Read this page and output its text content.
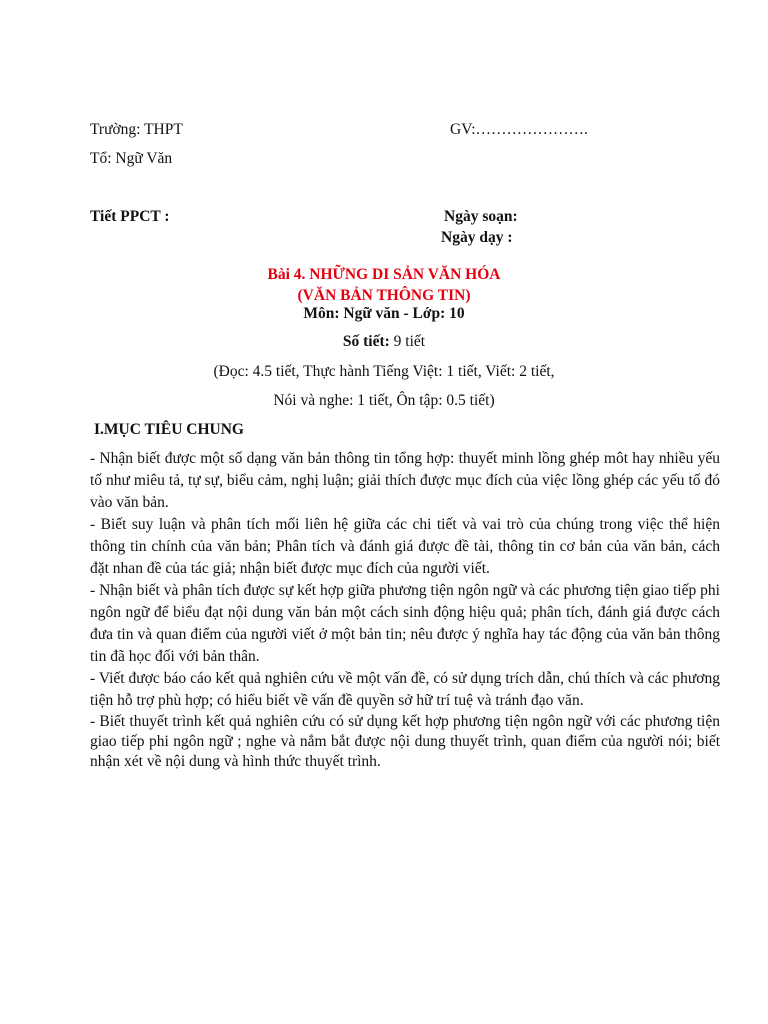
Trường: THPT	GV:………………….
Tổ: Ngữ Văn
Tiết PPCT :	Ngày soạn:
Ngày dạy :
Bài 4. NHỮNG DI SẢN VĂN HÓA
(VĂN BẢN THÔNG TIN)
Môn: Ngữ văn - Lớp: 10
Số tiết: 9 tiết
(Đọc: 4.5 tiết, Thực hành Tiếng Việt: 1 tiết, Viết: 2 tiết,
Nói và nghe: 1 tiết, Ôn tập: 0.5 tiết)
I.MỤC TIÊU CHUNG

- Nhận biết được một số dạng văn bản thông tin tổng hợp: thuyết minh lồng ghép môt hay nhiều yếu tố như miêu tả, tự sự, biểu cảm, nghị luận; giải thích được mục đích của việc lồng ghép các yếu tố đó vào văn bản.

- Biết suy luận và phân tích mối liên hệ giữa các chi tiết và vai trò của chúng trong việc thể hiện thông tin chính của văn bản; Phân tích và đánh giá được đề tài, thông tin cơ bản của văn bản, cách đặt nhan đề của tác giả; nhận biết được mục đích của người viết.

- Nhận biết và phân tích được sự kết hợp giữa phương tiện ngôn ngữ và các phương tiện giao tiếp phi ngôn ngữ để biểu đạt nội dung văn bản một cách sinh động hiệu quả; phân tích, đánh giá được cách đưa tin và quan điểm của người viết ở một bản tin; nêu được ý nghĩa hay tác động của văn bản thông tin đã học đối với bản thân.

- Viết được báo cáo kết quả nghiên cứu về một vấn đề, có sử dụng trích dẫn, chú thích và các phương tiện hỗ trợ phù hợp; có hiểu biết về vấn đề quyền sở hữ trí tuệ và tránh đạo văn.

- Biết thuyết trình kết quả nghiên cứu có sử dụng kết hợp phương tiện ngôn ngữ với các phương tiện giao tiếp phi ngôn ngữ ; nghe và nắm bắt được nội dung thuyết trình, quan điểm của người nói; biết nhận xét về nội dung và hình thức thuyết trình.
